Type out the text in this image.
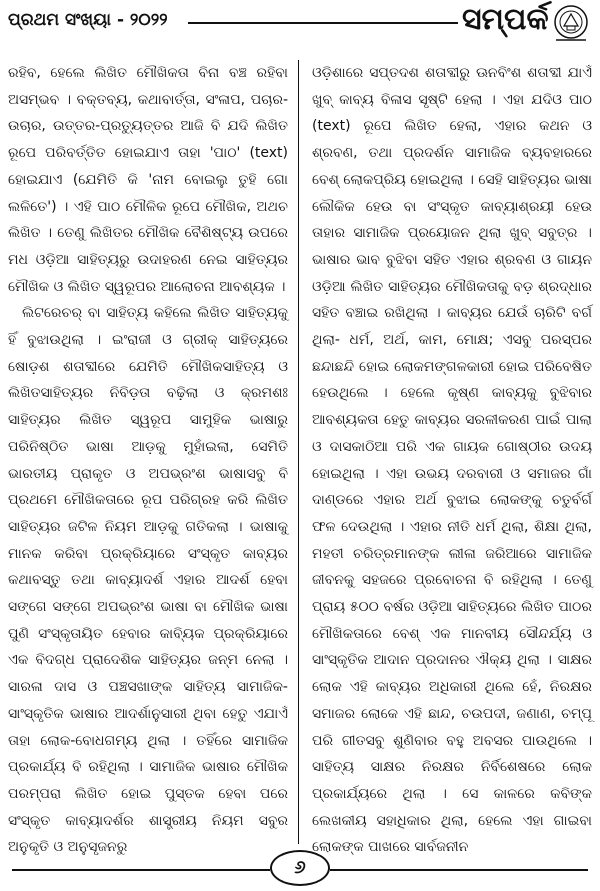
ପ୍ରଥମ ସଂଖ୍ୟା - ୨୦୨୨	ସମ୍ପର୍କ

ରହିବ, ହେଲେ ଲିଖିତ ମୌଖିକତା ବିନା ବଞ୍ଚ ରହିବା ଅସମ୍ଭବ । ବକ୍ତବ୍ୟ, କଥାବାର୍ତ୍ତା, ସଂଳାପ, ପଚାର-ଉଚାର, ଉତ୍ତର-ପ୍ରତ୍ୟୁତ୍ତର ଆଜି ବି ଯଦି ଲିଖିତ ରୂପେ ପରିବର୍ତ୍ତିତ ହୋଇଯାଏ ତାହା 'ପାଠ' (text) ହୋଇଯାଏ (ଯେମିତି କି 'ନାମ ବୋଇଲୁ ତୁହି ଗୋ ଲଳିତେ') । ଏହି ପାଠ ମୌଳିକ ରୂପେ ମୌଖିକ, ଅଥଚ ଲିଖିତ । ତେଣୁ ଲିଖିତର ମୌଖିକ ବୈଶିଷ୍ଟ୍ୟ ଉପରେ ମଧ ଓଡ଼ିଆ ସାହିତ୍ୟରୁ ଉଦାହରଣ ନେଇ ସାହିତ୍ୟର ମୌଖିକ ଓ ଲିଖିତ ସ୍ୱରୂପର ଆଲୋଚନା ଆବଶ୍ୟକ ।

ଲିଟରେଚର୍ ବା ସାହିତ୍ୟ କହିଲେ ଲିଖିତ ସାହିତ୍ୟକୁ ହିଁ ବୁଝାଉଥିଲା । ଇଂରାଜୀ ଓ ଗ୍ରୀକ୍ ସାହିତ୍ୟରେ ଷୋଡ଼ଶ ଶତାବ୍ଦୀରେ ଯେମିତି ମୌଖିକସାହିତ୍ୟ ଓ ଲିଖିତସାହିତ୍ୟର ନିବିଡ଼ତା ବଢ଼ିଲା ଓ କ୍ରମଶଃ ସାହିତ୍ୟର ଲିଖିତ ସ୍ୱରୂପ ସାମୁହିକ ଭାଷାରୁ ପରିନିଷ୍ଠିତ ଭାଷା ଆଡ଼କୁ ମୁହାଁଇଲା, ସେମିତି ଭାରତୀୟ ପ୍ରାକୃତ ଓ ଅପଭ୍ରଂଶ ଭାଷାସବୁ ବି ପ୍ରଥମେ ମୌଖିକତାରେ ରୂପ ପରିଗ୍ରହ କରି ଲିଖିତ ସାହିତ୍ୟର ଜଟିଳ ନିୟମ ଆଡ଼କୁ ଗତିକଲା । ଭାଷାକୁ ମାନକ କରିବା ପ୍ରକ୍ରିୟାରେ ସଂସ୍କୃତ କାବ୍ୟର କଥାବସ୍ତୁ ତଥା କାବ୍ୟାଦର୍ଶ ଏହାର ଆଦର୍ଶ ହେବା ସଙ୍ଗେ ସଙ୍ଗେ ଅପଭ୍ରଂଶ ଭାଷା ବା ମୌଖିକ ଭାଷା ପୁଣି ସଂସ୍କୃତାୟିତ ହେବାର କାବ୍ୟିକ ପ୍ରକ୍ରିୟାରେ ଏକ ବିଦଗ୍ଧ ପ୍ରାଦେଶିକ ସାହିତ୍ୟର ଜନ୍ମ ନେଲା । ସାରଳା ଦାସ ଓ ପଞ୍ଚସଖାଙ୍କ ସାହିତ୍ୟ ସାମାଜିକ-ସାଂସ୍କୃତିକ ଭାଷାର ଆଦର୍ଶାନୁସାରୀ ଥିବା ହେତୁ ଏଯାଏଁ ତାହା ଲୋକ-ବୋଧଗମ୍ୟ ଥିଲା । ତହିଁରେ ସାମାଜିକ ପ୍ରକାର୍ଯ୍ୟ ବି ରହିଥିଲା । ସାମାଜିକ ଭାଷାର ମୌଖିକ ପରମ୍ପରା ଲିଖିତ ହୋଇ ପୁସ୍ତକ ହେବା ପରେ ସଂସ୍କୃତ କାବ୍ୟାଦର୍ଶର ଶାସ୍ତ୍ରୀୟ ନିୟମ ସବୁର ଅନୁକୃତି ଓ ଅନୁସୃଜନରୁ

ଓଡ଼ିଶାରେ ସପ୍ତଦଶ ଶତାବ୍ଦୀରୁ ଊନବିଂଶ ଶତାବ୍ଦୀ ଯାଏଁ ଖୁବ୍ କାବ୍ୟ ବିଳାସ ସୃଷ୍ଟି ହେଲା । ଏହା ଯଦିଓ ପାଠ (text) ରୂପେ ଲିଖିତ ହେଲା, ଏହାର କଥନ ଓ ଶ୍ରବଣ, ତଥା ପ୍ରଦର୍ଶନ ସାମାଜିକ ବ୍ୟବହାରରେ ବେଶ୍ ଲୋକପ୍ରିୟ ହୋଇଥିଲା । ସେହି ସାହିତ୍ୟର ଭାଷା ଲୌକିକ ହେଉ ବା ସଂସ୍କୃତ କାବ୍ୟାଶ୍ରୟୀ ହେଉ ତାହାର ସାମାଜିକ ପ୍ରୟୋଜନ ଥିଲା ଖୁବ୍ ସବୁତ୍ର । ଭାଷାର ଭାବ ବୁଝିବା ସହିତ ଏହାର ଶ୍ରବଣ ଓ ଗାୟନ ଓଡ଼ିଆ ଲିଖିତ ସାହିତ୍ୟର ମୌଖିକତାକୁ ବଡ଼ ଶ୍ରଦ୍ଧାର ସହିତ ବଞ୍ଚାଇ ରଖିଥିଲା । କାବ୍ୟର ଯେଉଁ ଚାରିଟି ବର୍ଗ ଥିଲା- ଧର୍ମ, ଅର୍ଥ, କାମ, ମୋକ୍ଷ; ଏସବୁ ପରସ୍ପର ଛନ୍ଦାଛନ୍ଦି ହୋଇ ଲୋକମଙ୍ଗଳକାରୀ ହୋଇ ପରିବେଷିତ ହେଉଥିଲେ । ହେଲେ କୃଷ୍ଣ କାବ୍ୟକୁ ବୁଝିବାର ଆବଶ୍ୟକତା ହେତୁ କାବ୍ୟର ସରଳୀକରଣ ପାଇଁ ପାଲା ଓ ଦାସକାଠିଆ ପରି ଏକ ଗାୟକ ଗୋଷ୍ଠୀର ଉଦୟ ହୋଇଥିଲା । ଏହା ଉଭୟ ଦରବାରୀ ଓ ସମାଜର ଗାଁ ଦାଣ୍ଡରେ ଏହାର ଅର୍ଥ ବୁଝାଇ ଲୋକଙ୍କୁ ଚତୁର୍ବର୍ଗ ଫଳ ଦେଉଥିଲା । ଏହାର ନୀତି ଧର୍ମ ଥିଲା, ଶିକ୍ଷା ଥିଲା, ମହତୀ ଚରିତ୍ରମାନଙ୍କ ଲୀଳା ଜରିଆରେ ସାମାଜିକ ଜୀବନକୁ ସହଜରେ ପ୍ରବୋଚନା ବି ରହିଥିଲା । ତେଣୁ ପ୍ରାୟ ୫୦୦ ବର୍ଷର ଓଡ଼ିଆ ସାହିତ୍ୟରେ ଲିଖିତ ପାଠର ମୌଖିକତାରେ ବେଶ୍ ଏକ ମାନବୀୟ ସୌନ୍ଦର୍ଯ୍ୟ ଓ ସାଂସ୍କୃତିକ ଆଦାନ ପ୍ରଦାନର ଐକ୍ୟ ଥିଲା । ସାକ୍ଷର ଲୋକ ଏହି କାବ୍ୟର ଅଧିକାରୀ ଥିଲେ ହେଁ, ନିରକ୍ଷର ସମାଜର ଲୋକେ ଏହି ଛାନ୍ଦ, ଚଉପଦୀ, ଜଣାଣ, ଚମ୍ପୂ ପରି ଗୀତସବୁ ଶୁଣିବାର ବହୁ ଅବସର ପାଉଥିଲେ । ସାହିତ୍ୟ ସାକ୍ଷର ନିରକ୍ଷର ନିର୍ବିଶେଷରେ ଲୋକ ପ୍ରକାର୍ଯ୍ୟରେ ଥିଲା । ସେ କାଳରେ କବିଙ୍କ ଲେଖକୀୟ ସହାଧିକାର ଥିଲା, ହେଲେ ଏହା ଗାଇବା ଲୋକଙ୍କ ପାଖରେ ସାର୍ବଜନୀନ

୬
